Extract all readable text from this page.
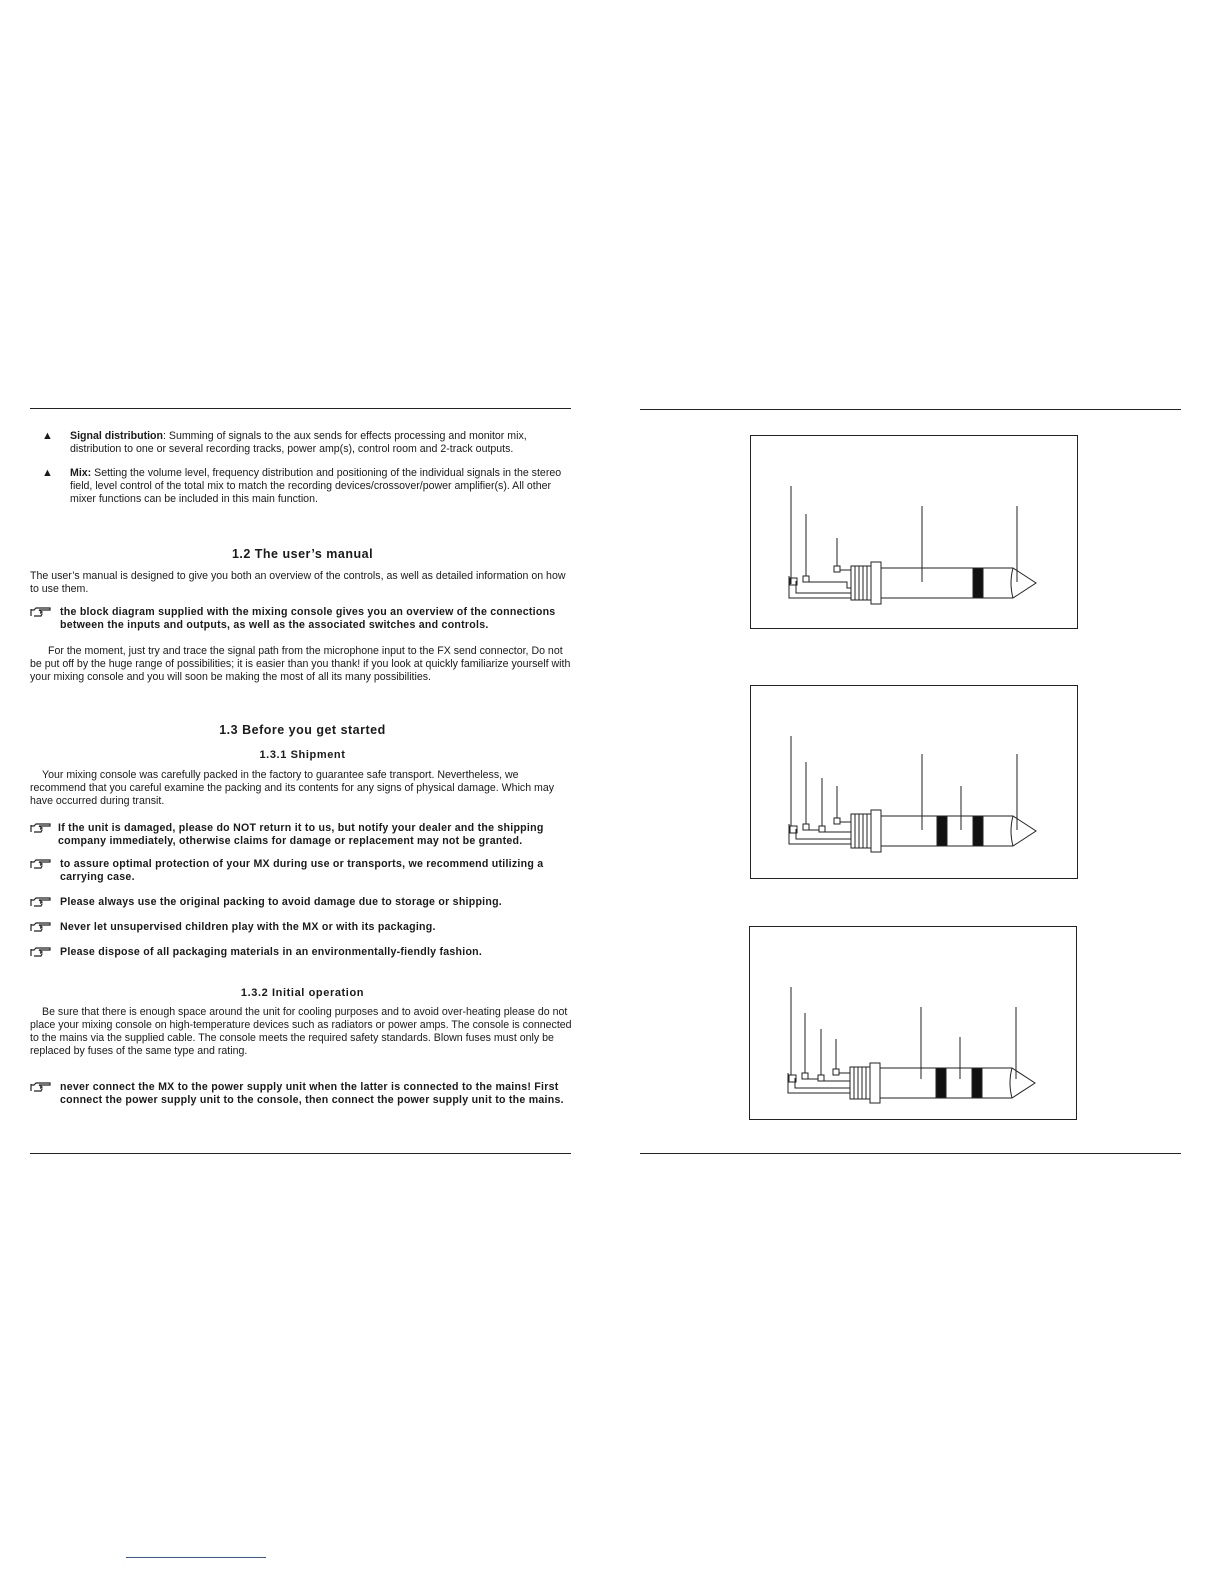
▲ Signal distribution: Summing of signals to the aux sends for effects processing and monitor mix, distribution to one or several recording tracks, power amp(s), control room and 2-track outputs.
▲ Mix: Setting the volume level, frequency distribution and positioning of the individual signals in the stereo field, level control of the total mix to match the recording devices/crossover/power amplifier(s). All other mixer functions can be included in this main function.
1.2 The user’s manual
The user’s manual is designed to give you both an overview of the controls, as well as detailed information on how to use them.
the block diagram supplied with the mixing console gives you an overview of the connections between the inputs and outputs, as well as the associated switches and controls.
For the moment, just try and trace the signal path from the microphone input to the FX send connector, Do not be put off by the huge range of possibilities; it is easier than you thank! if you look at quickly familiarize yourself with your mixing console and you will soon be making the most of all its many possibilities.
1.3 Before you get started
1.3.1 Shipment
Your mixing console was carefully packed in the factory to guarantee safe transport. Nevertheless, we recommend that you careful examine the packing and its contents for any signs of physical damage. Which may have occurred during transit.
If the unit is damaged, please do NOT return it to us, but notify your dealer and the shipping company immediately, otherwise claims for damage or replacement may not be granted.
to assure optimal protection of your MX during use or transports, we recommend utilizing a carrying case.
Please always use the original packing to avoid damage due to storage or shipping.
Never let unsupervised children play with the MX or with its packaging.
Please dispose of all packaging materials in an environmentally-fiendly fashion.
1.3.2 Initial operation
Be sure that there is enough space around the unit for cooling purposes and to avoid over-heating please do not place your mixing console on high-temperature devices such as radiators or power amps. The console is connected to the mains via the supplied cable. The console meets the required safety standards. Blown fuses must only be replaced by fuses of the same type and rating.
never connect the MX to the power supply unit when the latter is connected to the mains! First connect the power supply unit to the console, then connect the power supply unit to the mains.
